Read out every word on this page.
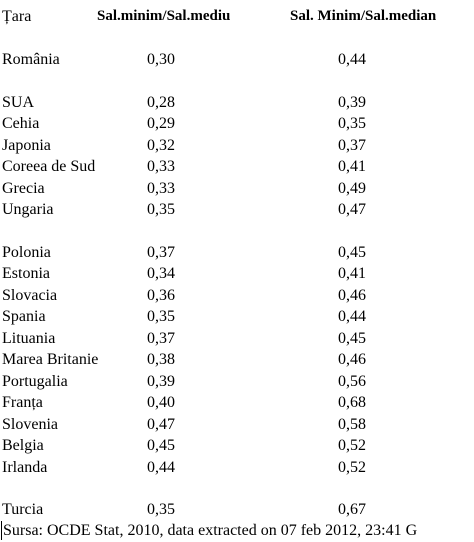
Țara	Sal.minim/Sal.mediu	Sal. Minim/Sal.median
România	0,30	0,44
SUA	0,28	0,39
Cehia	0,29	0,35
Japonia	0,32	0,37
Coreea de Sud	0,33	0,41
Grecia	0,33	0,49
Ungaria	0,35	0,47
Polonia	0,37	0,45
Estonia	0,34	0,41
Slovacia	0,36	0,46
Spania	0,35	0,44
Lituania	0,37	0,45
Marea Britanie	0,38	0,46
Portugalia	0,39	0,56
Franța	0,40	0,68
Slovenia	0,47	0,58
Belgia	0,45	0,52
Irlanda	0,44	0,52
Turcia	0,35	0,67
Sursa: OCDE Stat, 2010, data extracted on 07 feb 2012, 23:41 G
